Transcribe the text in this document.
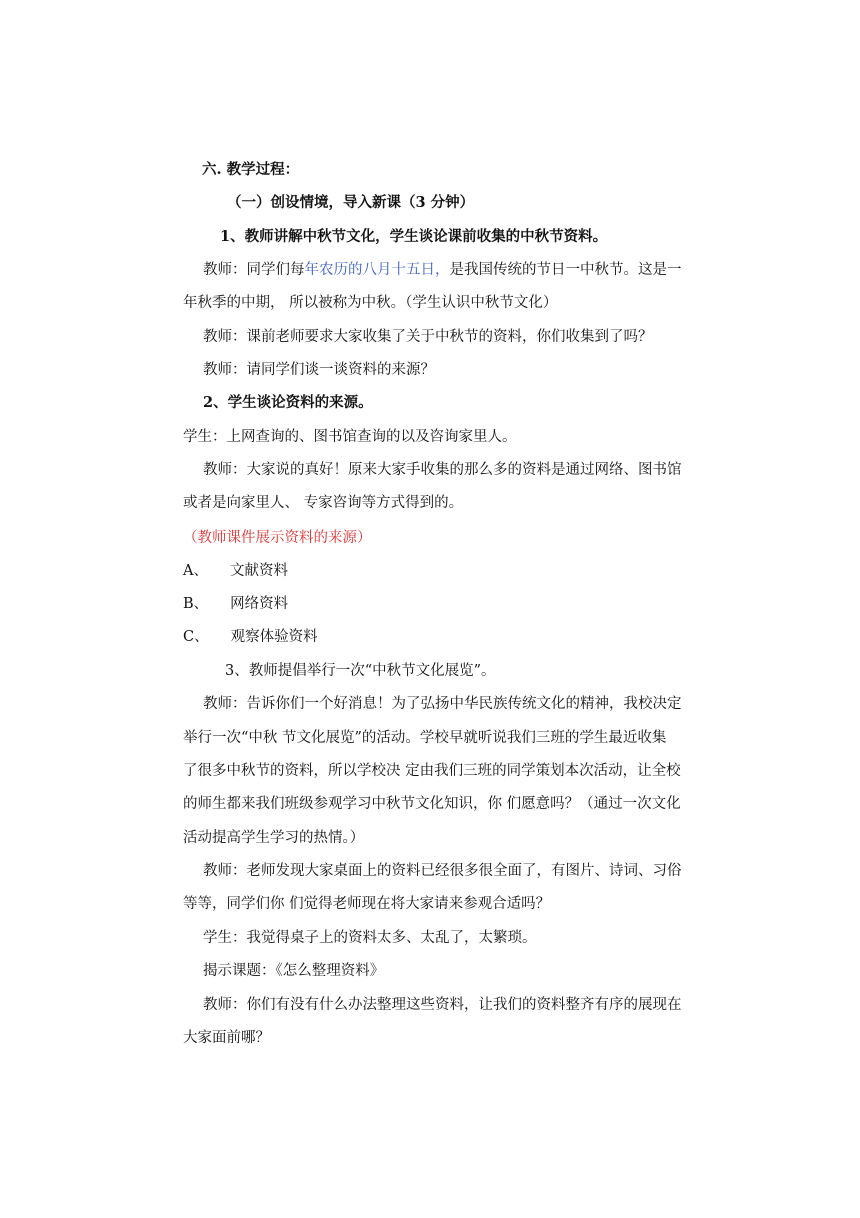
六. 教学过程：
（一）创设情境，导入新课（3 分钟）
1、教师讲解中秋节文化，学生谈论课前收集的中秋节资料。
教师：同学们每年农历的八月十五日，是我国传统的节日一中秋节。这是一
年秋季的中期， 所以被称为中秋。（学生认识中秋节文化）
教师：课前老师要求大家收集了关于中秋节的资料，你们收集到了吗？
教师：请同学们谈一谈资料的来源？
2、学生谈论资料的来源。
学生：上网查询的、图书馆查询的以及咨询家里人。
教师：大家说的真好！原来大家手收集的那么多的资料是通过网络、图书馆
或者是向家里人、 专家咨询等方式得到的。
（教师课件展示资料的来源）
A、 文献资料
B、 网络资料
C、 观察体验资料
3、教师提倡举行一次“中秋节文化展览”。
教师：告诉你们一个好消息！为了弘扬中华民族传统文化的精神，我校决定
举行一次“中秋 节文化展览”的活动。学校早就听说我们三班的学生最近收集
了很多中秋节的资料，所以学校决 定由我们三班的同学策划本次活动，让全校
的师生都来我们班级参观学习中秋节文化知识，你 们愿意吗？（通过一次文化
活动提高学生学习的热情。）
教师：老师发现大家桌面上的资料已经很多很全面了，有图片、诗词、习俗
等等，同学们你 们觉得老师现在将大家请来参观合适吗？
学生：我觉得桌子上的资料太多、太乱了，太繁琐。
揭示课题：《怎么整理资料》
教师：你们有没有什么办法整理这些资料，让我们的资料整齐有序的展现在
大家面前哪？
